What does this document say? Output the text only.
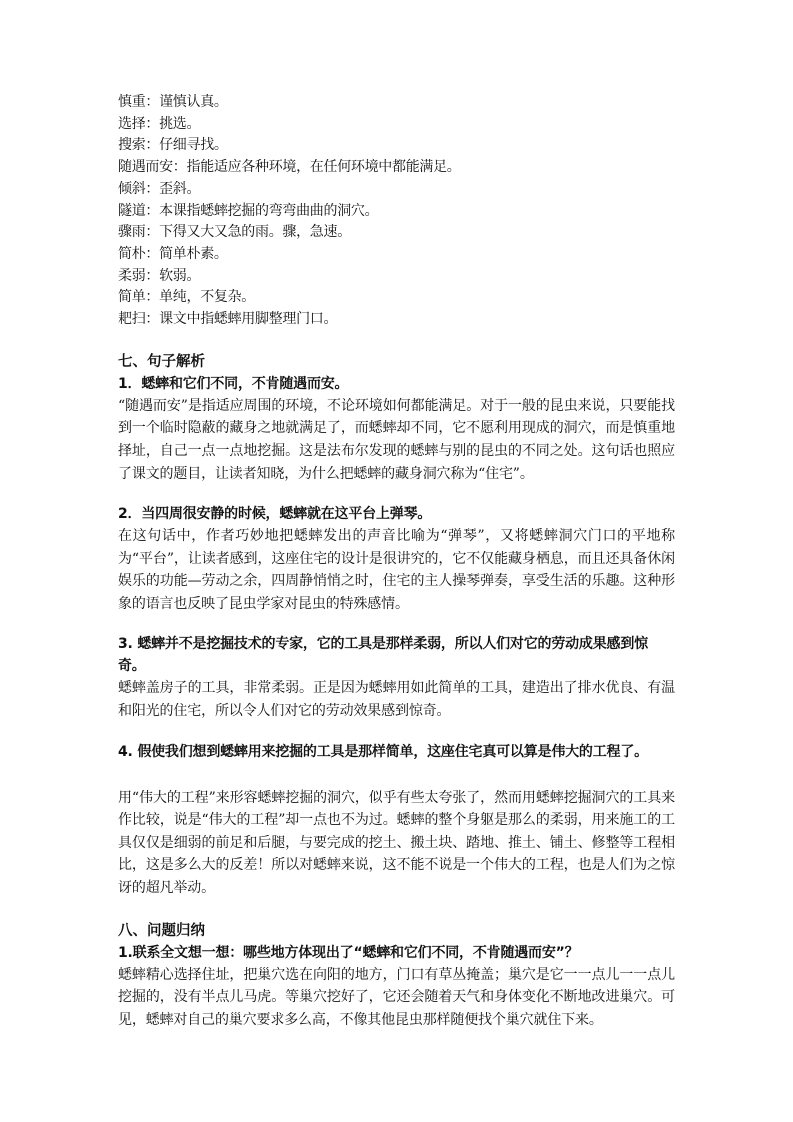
慎重：谨慎认真。
选择：挑选。
搜索：仔细寻找。
随遇而安：指能适应各种环境，在任何环境中都能满足。
倾斜：歪斜。
隧道：本课指蟋蟀挖掘的弯弯曲曲的洞穴。
骤雨：下得又大又急的雨。骤，急速。
简朴：简单朴素。
柔弱：软弱。
简单：单纯，不复杂。
耙扫：课文中指蟋蟀用脚整理门口。
七、句子解析
1．蟋蟀和它们不同，不肯随遇而安。
“随遇而安”是指适应周围的环境，不论环境如何都能满足。对于一般的昆虫来说，只要能找到一个临时隐蔽的藏身之地就满足了，而蟋蟀却不同，它不愿利用现成的洞穴，而是慎重地择址，自己一点一点地挖掘。这是法布尔发现的蟋蟀与别的昆虫的不同之处。这句话也照应了课文的题目，让读者知晓，为什么把蟋蟀的藏身洞穴称为“住宅”。
2．当四周很安静的时候，蟋蟀就在这平台上弹琴。
在这句话中，作者巧妙地把蟋蟀发出的声音比喻为“弹琴”，又将蟋蟀洞穴门口的平地称为“平台”，让读者感到，这座住宅的设计是很讲究的，它不仅能藏身栖息，而且还具备休闲娱乐的功能—劳动之余，四周静悄悄之时，住宅的主人操琴弹奏，享受生活的乐趣。这种形象的语言也反映了昆虫学家对昆虫的特殊感情。
3. 蟋蟀并不是挖掘技术的专家，它的工具是那样柔弱，所以人们对它的劳动成果感到惊奇。
蟋蟀盖房子的工具，非常柔弱。正是因为蟋蟀用如此简单的工具，建造出了排水优良、有温和阳光的住宅，所以令人们对它的劳动效果感到惊奇。
4. 假使我们想到蟋蟀用来挖掘的工具是那样简单，这座住宅真可以算是伟大的工程了。
用“伟大的工程”来形容蟋蟀挖掘的洞穴，似乎有些太夸张了，然而用蟋蟀挖掘洞穴的工具来作比较，说是“伟大的工程”却一点也不为过。蟋蟀的整个身躯是那么的柔弱，用来施工的工具仅仅是细弱的前足和后腿，与要完成的挖土、搬土块、踏地、推土、铺土、修整等工程相比，这是多么大的反差！所以对蟋蟀来说，这不能不说是一个伟大的工程，也是人们为之惊讶的超凡举动。
八、问题归纳
1.联系全文想一想：哪些地方体现出了“蟋蟀和它们不同，不肯随遇而安”？
蟋蟀精心选择住址，把巢穴选在向阳的地方，门口有草丛掩盖；巢穴是它一一点儿一一点儿挖掘的，没有半点儿马虎。等巢穴挖好了，它还会随着天气和身体变化不断地改进巢穴。可见，蟋蟀对自己的巢穴要求多么高，不像其他昆虫那样随便找个巢穴就住下来。
